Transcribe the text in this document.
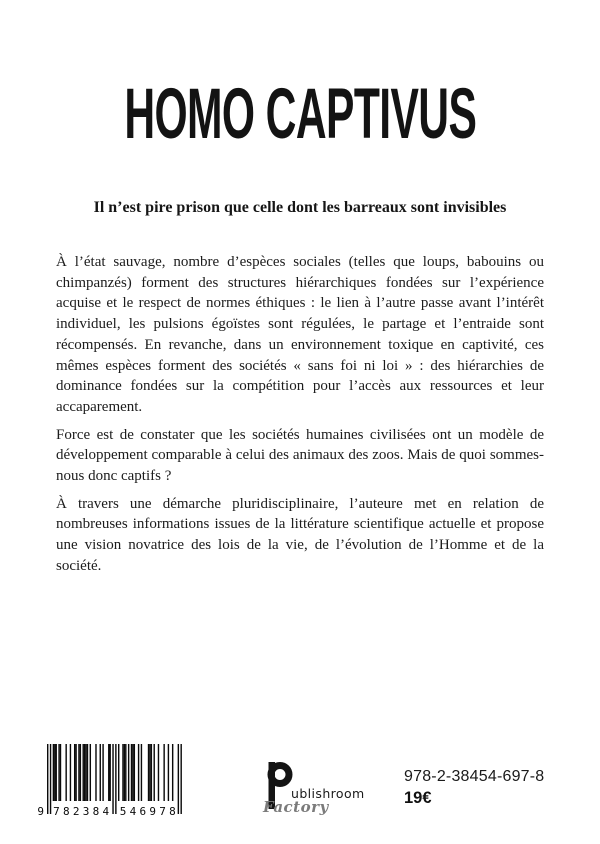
HOMO CAPTIVUS
Il n’est pire prison que celle dont les barreaux sont invisibles

À l’état sauvage, nombre d’espèces sociales (telles que loups, babouins ou chimpanzés) forment des structures hiérarchiques fondées sur l’expérience acquise et le respect de normes éthiques : le lien à l’autre passe avant l’intérêt individuel, les pulsions égoïstes sont régulées, le partage et l’entraide sont récompensés. En revanche, dans un environnement toxique en captivité, ces mêmes espèces forment des sociétés « sans foi ni loi » : des hiérarchies de dominance fondées sur la compétition pour l’accès aux ressources et leur accaparement.

Force est de constater que les sociétés humaines civilisées ont un modèle de développement comparable à celui des animaux des zoos. Mais de quoi sommes-nous donc captifs ?

À travers une démarche pluridisciplinaire, l’auteure met en relation de nombreuses informations issues de la littérature scientifique actuelle et propose une vision novatrice des lois de la vie, de l’évolution de l’Homme et de la société.

9 782384 546978
ublishroom
Factory
978-2-38454-697-8
19€
